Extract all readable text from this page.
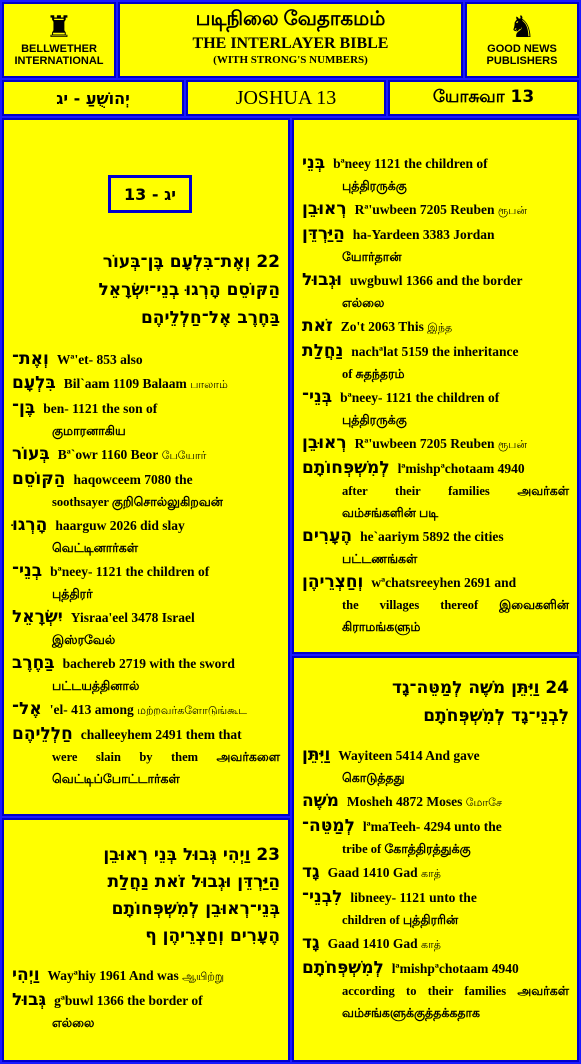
♜
BELLWETHER
INTERNATIONAL
படிநிலை வேதாகமம்
THE INTERLAYER BIBLE
(WITH STRONG'S NUMBERS)
♞
GOOD NEWS
PUBLISHERS
יְהוֹשֻׁעַ - יג	JOSHUA 13	யோசுவா 13
יג - 13
22 וְאֶת־בִּלְעָם בֶּן־בְּעוֹר
הַקּוֹסֵם הָרְגוּ בְנֵי־יִשְׂרָאֵל
בַּחֶרֶב אֶל־חַלְלֵיהֶם
וְאֶת־ Wª'et- 853 also
בִּלְעָם Bil`aam 1109 Balaam பாலாம்
בֶּן־ ben- 1121 the son of
குமாரனாகிய
בְּעוֹר Bª`owr 1160 Beor பேயோர்
הַקּוֹסֵם haqowceem 7080 the
soothsayer குறிசொல்லுகிறவன்
הָרְגוּ haarguw 2026 did slay
வெட்டினார்கள்
בְנֵי־ bªneey- 1121 the children of
புத்திரர்
יִשְׂרָאֵל Yisraa'eel 3478 Israel
இஸ்ரவேல்
בַּחֶרֶב bachereb 2719 with the sword
பட்டயத்தினால்
אֶל־ 'el- 413 among மற்றவர்களோடுங்கூட
חַלְלֵיהֶם challeeyhem 2491 them that
were slain by them அவர்களை வெட்டிப்போட்டார்கள்
23 וַיְהִי גְּבוּל בְּנֵי רְאוּבֵן
הַיַּרְדֵּן וּגְבוּל זֹאת נַחֲלַת
בְּנֵי־רְאוּבֵן לְמִשְׁפְּחוֹתָם
הֶעָרִים וְחַצְרֵיהֶן ף
וַיְהִי Wayªhiy 1961 And was ஆயிற்று
גְּבוּל gªbuwl 1366 the border of
எல்லை
בְּנֵי bªneey 1121 the children of
புத்திரருக்கு
רְאוּבֵן Rª'uwbeen 7205 Reuben ரூபன்
הַיַּרְדֵּן ha-Yardeen 3383 Jordan
யோர்தான்
וּגְבוּל uwgbuwl 1366 and the border
எல்லை
זֹאת Zo't 2063 This இந்த
נַחֲלַת nachªlat 5159 the inheritance
of சுதந்தரம்
בְּנֵי־ bªneey- 1121 the children of
புத்திரருக்கு
רְאוּבֵן Rª'uwbeen 7205 Reuben ரூபன்
לְמִשְׁפְּחוֹתָם lªmishpªchotaam 4940
after their families அவர்கள் வம்சங்களின் படி
הֶעָרִים he`aariym 5892 the cities
பட்டணங்கள்
וְחַצְרֵיהֶן wªchatsreeyhen 2691 and
the villages thereof இவைகளின் கிராமங்களும்
24 וַיִּתֵּן מֹשֶׁה לְמַטֵּה־גָד
לִבְנֵי־גָד לְמִשְׁפְּחֹתָם
וַיִּתֵּן Wayiteen 5414 And gave
கொடுத்தது
מֹשֶׁה Mosheh 4872 Moses மோசே
לְמַטֵּה־ lªmaTeeh- 4294 unto the
tribe of கோத்திரத்துக்கு
גָד Gaad 1410 Gad காத்
לִבְנֵי־ libneey- 1121 unto the
children of புத்திரரின்
גָד Gaad 1410 Gad காத்
לְמִשְׁפְּחֹתָם lªmishpªchotaam 4940
according to their families அவர்கள் வம்சங்களுக்குத்தக்கதாக
